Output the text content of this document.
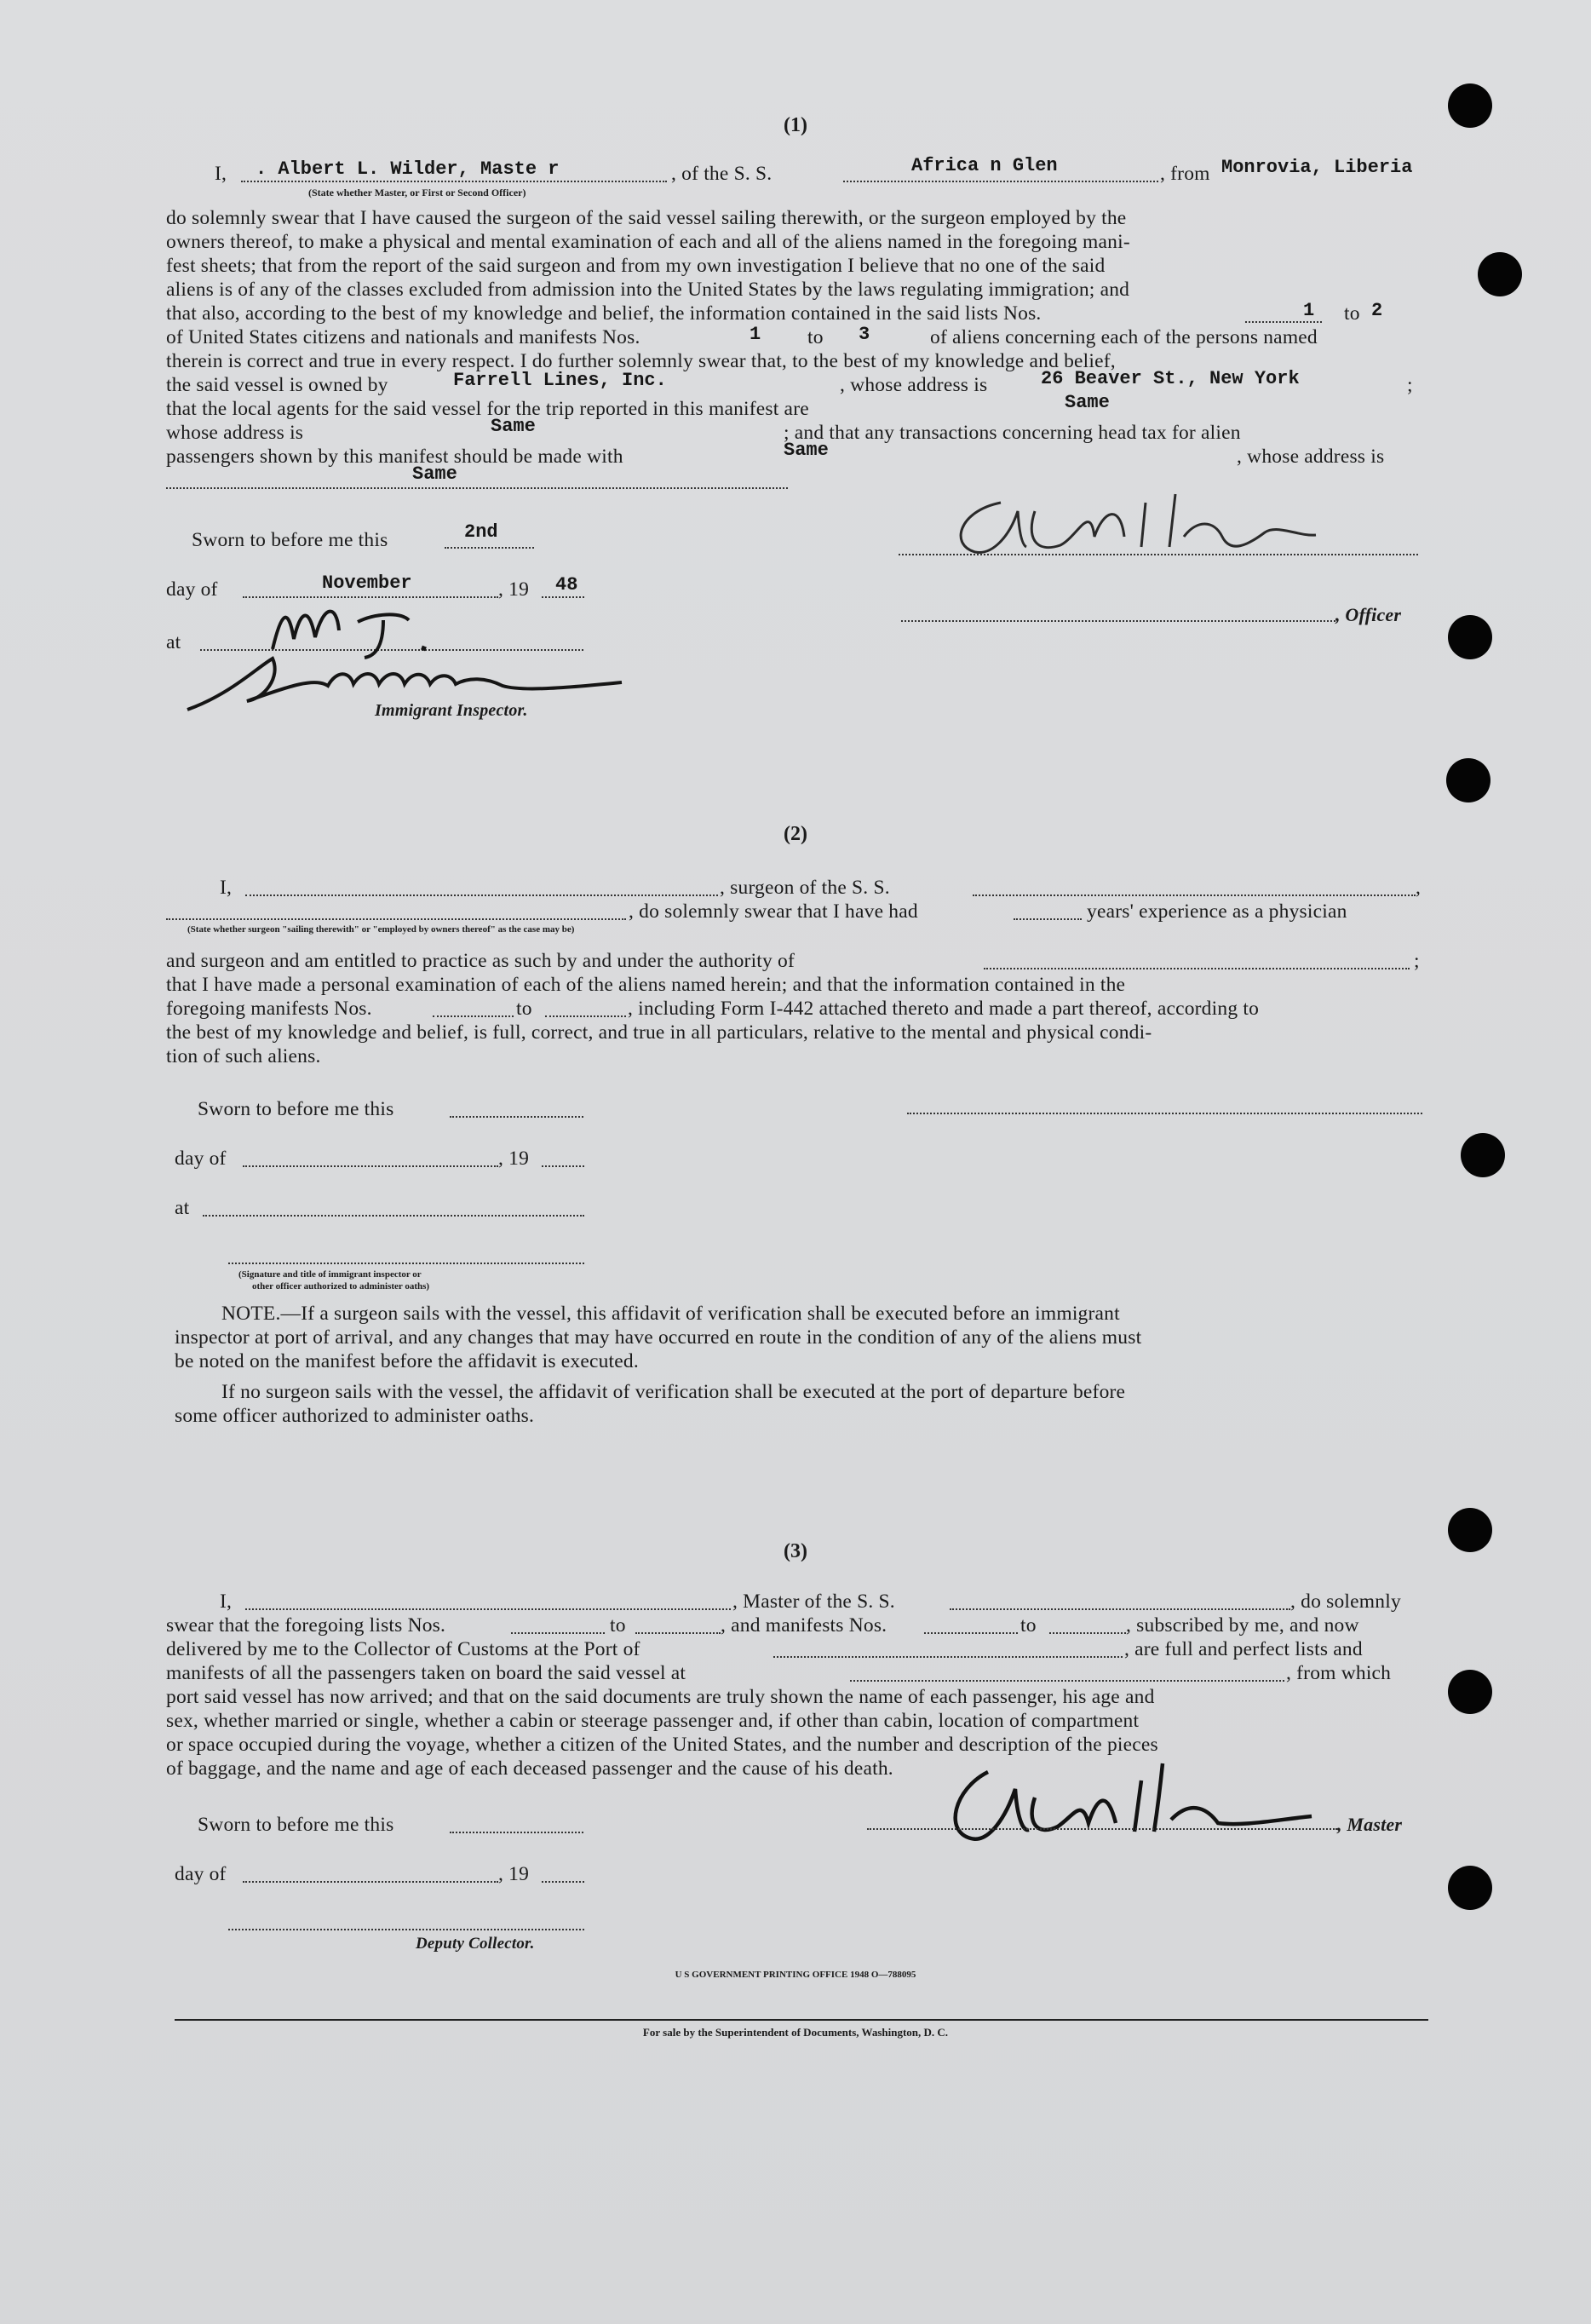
(1)
I, . Albert L. Wilder, Maste r	, of the S. S.	Africa n Glen	, from Monrovia, Liberia
(State whether Master, or First or Second Officer)
do solemnly swear that I have caused the surgeon of the said vessel sailing therewith, or the surgeon employed by the
owners thereof, to make a physical and mental examination of each and all of the aliens named in the foregoing mani-
fest sheets; that from the report of the said surgeon and from my own investigation I believe that no one of the said
aliens is of any of the classes excluded from admission into the United States by the laws regulating immigration; and
that also, according to the best of my knowledge and belief, the information contained in the said lists Nos.	1 to 2
of United States citizens and nationals and manifests Nos.	1 to 3	of aliens concerning each of the persons named
therein is correct and true in every respect. I do further solemnly swear that, to the best of my knowledge and belief,
the said vessel is owned by	Farrell Lines, Inc.	, whose address is	26 Beaver St., New York	;
that the local agents for the said vessel for the trip reported in this manifest are	Same
whose address is	Same	; and that any transactions concerning head tax for alien
passengers shown by this manifest should be made with	Same	, whose address is
Same
Sworn to before me this	2nd
day of	November	, 19 48
at
Immigrant Inspector.
, Officer
(2)
I,	, surgeon of the S. S.	,
, do solemnly swear that I have had	years' experience as a physician
(State whether surgeon "sailing therewith" or "employed by owners thereof" as the case may be)
and surgeon and am entitled to practice as such by and under the authority of	;
that I have made a personal examination of each of the aliens named herein; and that the information contained in the
foregoing manifests Nos.	to	, including Form I-442 attached thereto and made a part thereof, according to
the best of my knowledge and belief, is full, correct, and true in all particulars, relative to the mental and physical condi-
tion of such aliens.
Sworn to before me this
day of	, 19
at
(Signature and title of immigrant inspector or
other officer authorized to administer oaths)
NOTE.—If a surgeon sails with the vessel, this affidavit of verification shall be executed before an immigrant
inspector at port of arrival, and any changes that may have occurred en route in the condition of any of the aliens must
be noted on the manifest before the affidavit is executed.
If no surgeon sails with the vessel, the affidavit of verification shall be executed at the port of departure before
some officer authorized to administer oaths.
(3)
I,	, Master of the S. S.	, do solemnly
swear that the foregoing lists Nos.	to	, and manifests Nos.	to	, subscribed by me, and now
delivered by me to the Collector of Customs at the Port of	, are full and perfect lists and
manifests of all the passengers taken on board the said vessel at	, from which
port said vessel has now arrived; and that on the said documents are truly shown the name of each passenger, his age and
sex, whether married or single, whether a cabin or steerage passenger and, if other than cabin, location of compartment
or space occupied during the voyage, whether a citizen of the United States, and the number and description of the pieces
of baggage, and the name and age of each deceased passenger and the cause of his death.
Sworn to before me this	, Master
day of	, 19
Deputy Collector.
U S GOVERNMENT PRINTING OFFICE 1948 O—788095
For sale by the Superintendent of Documents, Washington, D. C.
